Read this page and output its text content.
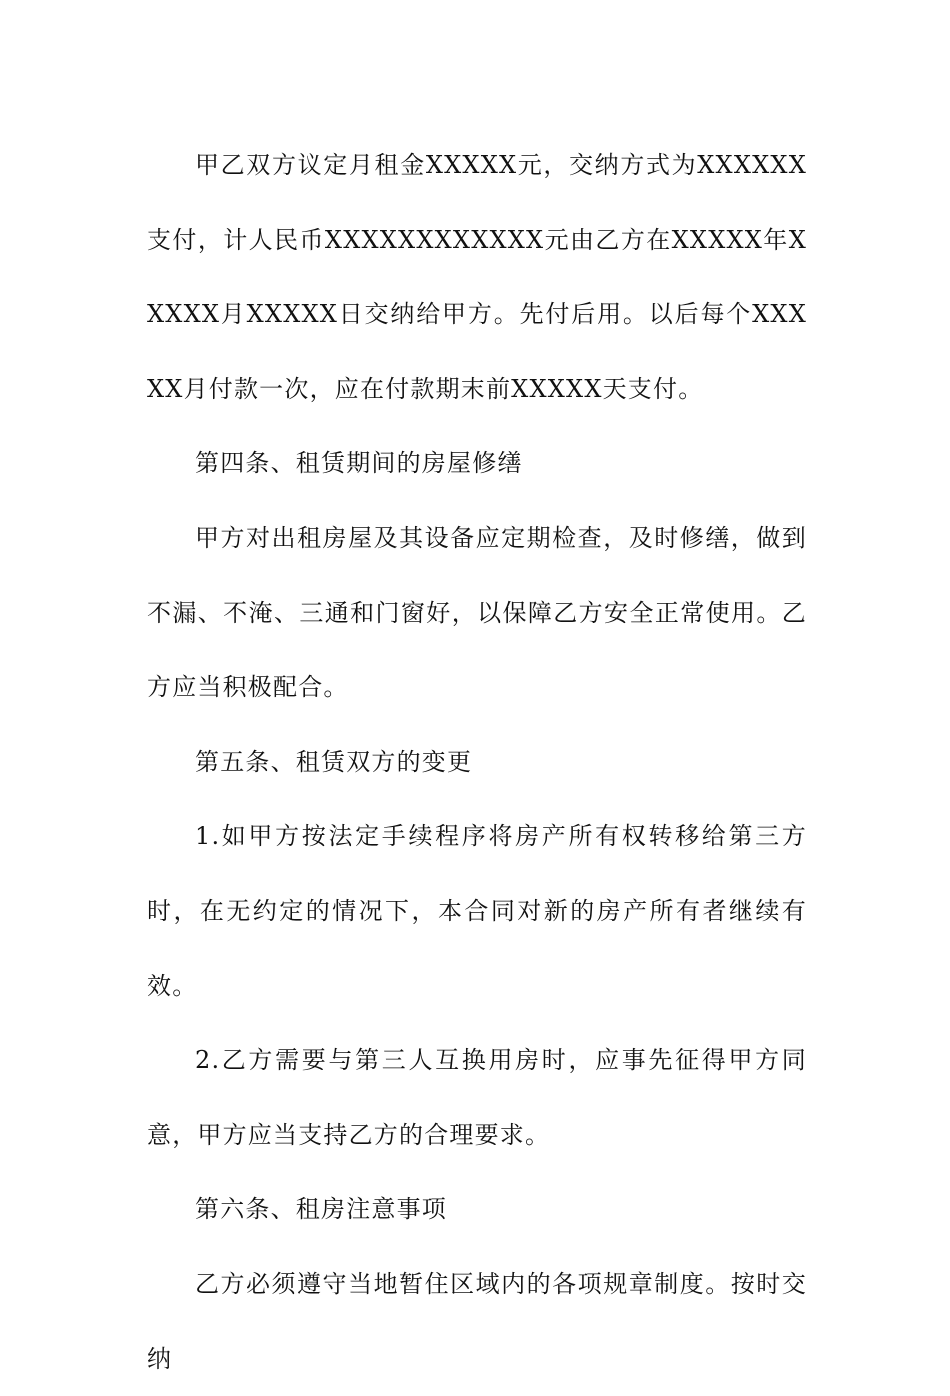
甲乙双方议定月租金XXXXX元，交纳方式为XXXXXX支付，计人民币XXXXXXXXXXXX元由乙方在XXXXX年XXXXX月XXXXX日交纳给甲方。先付后用。以后每个XXXXX月付款一次，应在付款期末前XXXXX天支付。

第四条、租赁期间的房屋修缮

甲方对出租房屋及其设备应定期检查，及时修缮，做到不漏、不淹、三通和门窗好，以保障乙方安全正常使用。乙方应当积极配合。

第五条、租赁双方的变更

1.如甲方按法定手续程序将房产所有权转移给第三方时，在无约定的情况下，本合同对新的房产所有者继续有效。

2.乙方需要与第三人互换用房时，应事先征得甲方同意，甲方应当支持乙方的合理要求。

第六条、租房注意事项

乙方必须遵守当地暂住区域内的各项规章制度。按时交纳
